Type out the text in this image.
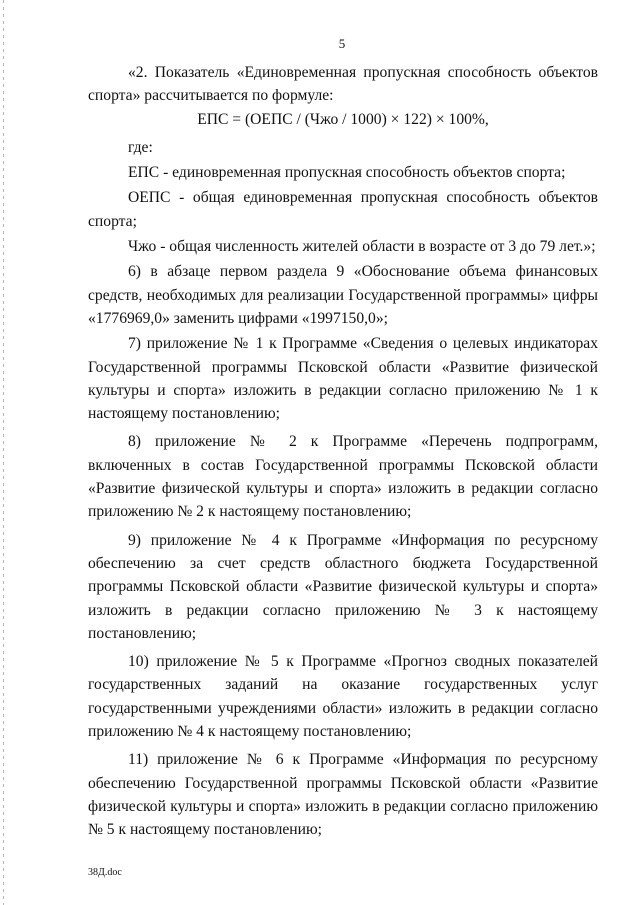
5

«2. Показатель «Единовременная пропускная способность объектов спорта» рассчитывается по формуле:

ЕПС = (ОЕПС / (Чжо / 1000) × 122) × 100%,

где:

ЕПС - единовременная пропускная способность объектов спорта;

ОЕПС - общая единовременная пропускная способность объектов спорта;

Чжо - общая численность жителей области в возрасте от 3 до 79 лет.»;

6) в абзаце первом раздела 9 «Обоснование объема финансовых средств, необходимых для реализации Государственной программы» цифры «1776969,0» заменить цифрами «1997150,0»;

7) приложение № 1 к Программе «Сведения о целевых индикаторах Государственной программы Псковской области «Развитие физической культуры и спорта» изложить в редакции согласно приложению № 1 к настоящему постановлению;

8) приложение № 2 к Программе «Перечень подпрограмм, включенных в состав Государственной программы Псковской области «Развитие физической культуры и спорта» изложить в редакции согласно приложению № 2 к настоящему постановлению;

9) приложение № 4 к Программе «Информация по ресурсному обеспечению за счет средств областного бюджета Государственной программы Псковской области «Развитие физической культуры и спорта» изложить в редакции согласно приложению № 3 к настоящему постановлению;

10) приложение № 5 к Программе «Прогноз сводных показателей государственных заданий на оказание государственных услуг государственными учреждениями области» изложить в редакции согласно приложению № 4 к настоящему постановлению;

11) приложение № 6 к Программе «Информация по ресурсному обеспечению Государственной программы Псковской области «Развитие физической культуры и спорта» изложить в редакции согласно приложению № 5 к настоящему постановлению;

38Д.doc
